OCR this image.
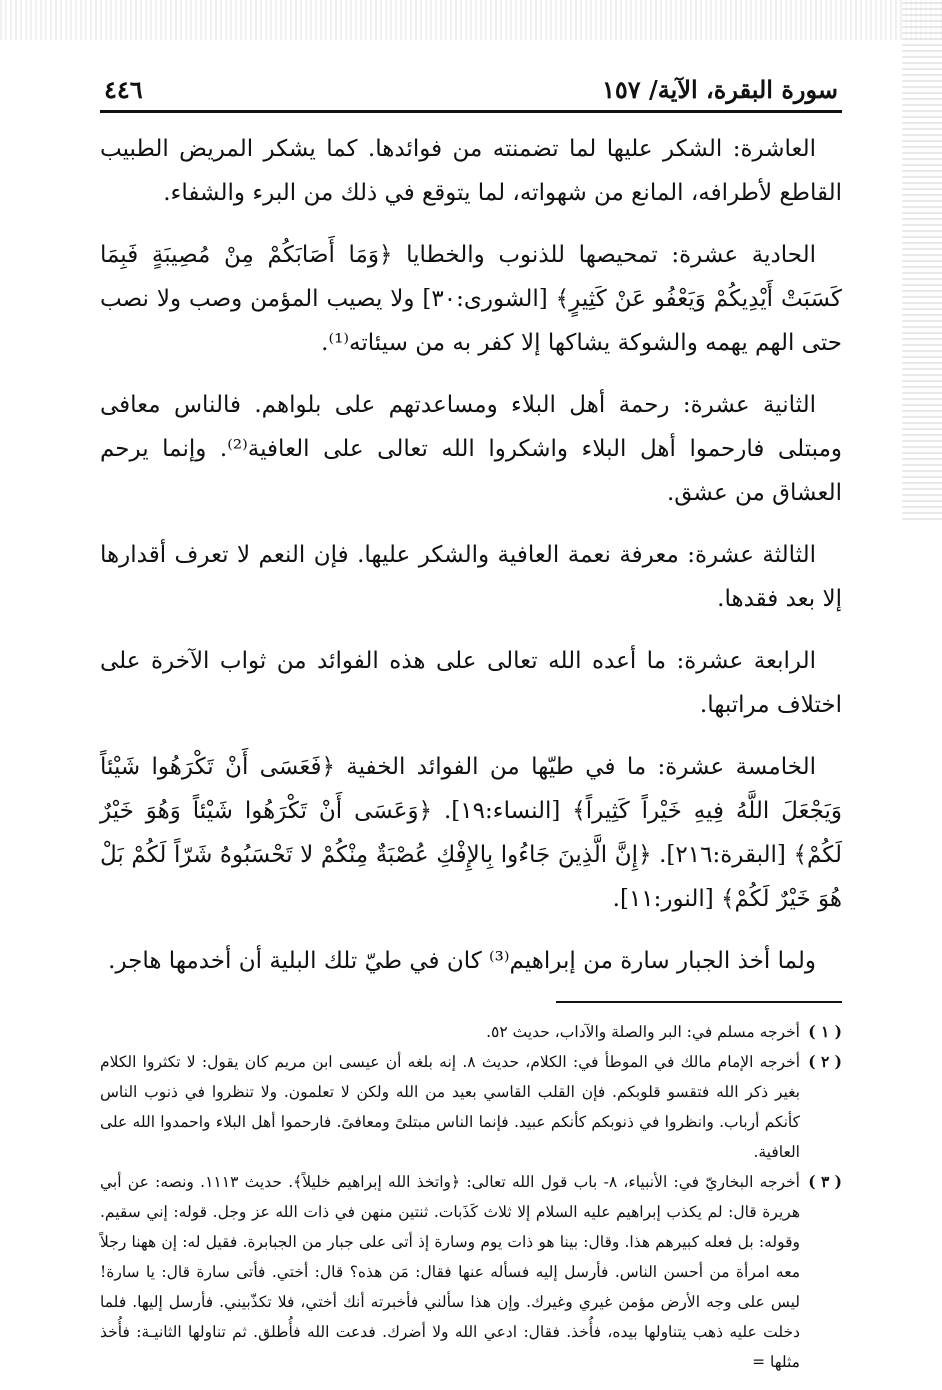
سورة البقرة، الآية/ ١٥٧
٤٤٦

العاشرة: الشكر عليها لما تضمنته من فوائدها. كما يشكر المريض الطبيب القاطع لأطرافه، المانع من شهواته، لما يتوقع في ذلك من البرء والشفاء.

الحادية عشرة: تمحيصها للذنوب والخطايا ﴿وَمَا أَصَابَكُمْ مِنْ مُصِيبَةٍ فَبِمَا كَسَبَتْ أَيْدِيكُمْ وَيَعْفُو عَنْ كَثِيرٍ﴾ [الشورى:٣٠] ولا يصيب المؤمن وصب ولا نصب حتى الهم يهمه والشوكة يشاكها إلا كفر به من سيئاته⁽¹⁾.

الثانية عشرة: رحمة أهل البلاء ومساعدتهم على بلواهم. فالناس معافى ومبتلى فارحموا أهل البلاء واشكروا الله تعالى على العافية⁽²⁾. وإنما يرحم العشاق من عشق.

الثالثة عشرة: معرفة نعمة العافية والشكر عليها. فإن النعم لا تعرف أقدارها إلا بعد فقدها.

الرابعة عشرة: ما أعده الله تعالى على هذه الفوائد من ثواب الآخرة على اختلاف مراتبها.

الخامسة عشرة: ما في طيّها من الفوائد الخفية ﴿فَعَسَى أَنْ تَكْرَهُوا شَيْئاً وَيَجْعَلَ اللَّهُ فِيهِ خَيْراً كَثِيراً﴾ [النساء:١٩]. ﴿وَعَسَى أَنْ تَكْرَهُوا شَيْئاً وَهُوَ خَيْرٌ لَكُمْ﴾ [البقرة:٢١٦]. ﴿إِنَّ الَّذِينَ جَاءُوا بِالإِفْكِ عُصْبَةٌ مِنْكُمْ لا تَحْسَبُوهُ شَرّاً لَكُمْ بَلْ هُوَ خَيْرٌ لَكُمْ﴾ [النور:١١].

ولما أخذ الجبار سارة من إبراهيم⁽³⁾ كان في طيّ تلك البلية أن أخدمها هاجر.

( ١ )
أخرجه مسلم في: البر والصلة والآداب، حديث ٥٢.
( ٢ )
أخرجه الإمام مالك في الموطأ في: الكلام، حديث ٨. إنه بلغه أن عيسى ابن مريم كان يقول: لا تكثروا الكلام بغير ذكر الله فتقسو قلوبكم. فإن القلب القاسي بعيد من الله ولكن لا تعلمون. ولا تنظروا في ذنوب الناس كأنكم أرباب. وانظروا في ذنوبكم كأنكم عبيد. فإنما الناس مبتلىً ومعافىً. فارحموا أهل البلاء واحمدوا الله على العافية.
( ٣ )
أخرجه البخاريّ في: الأنبياء، ٨- باب قول الله تعالى: ﴿واتخذ الله إبراهيم خليلاً﴾. حديث ١١١٣. ونصه: عن أبي هريرة قال: لم يكذب إبراهيم عليه السلام إلا ثلاث كَذَبات. ثنتين منهن في ذات الله عز وجل. قوله: إني سقيم. وقوله: بل فعله كبيرهم هذا. وقال: بينا هو ذات يوم وسارة إذ أتى على جبار من الجبابرة. فقيل له: إن ههنا رجلاً معه امرأة من أحسن الناس. فأرسل إليه فسأله عنها فقال: مَن هذه؟ قال: أختي. فأتى سارة قال: يا سارة! ليس على وجه الأرض مؤمن غيري وغيرك. وإن هذا سألني فأخبرته أنك أختي، فلا تكذّبيني. فأرسل إليها. فلما دخلت عليه ذهب يتناولها بيده، فأُخذ. فقال: ادعي الله ولا أضرك. فدعت الله فأُطلق. ثم تناولها الثانيـة: فأُخذ مثلها =
